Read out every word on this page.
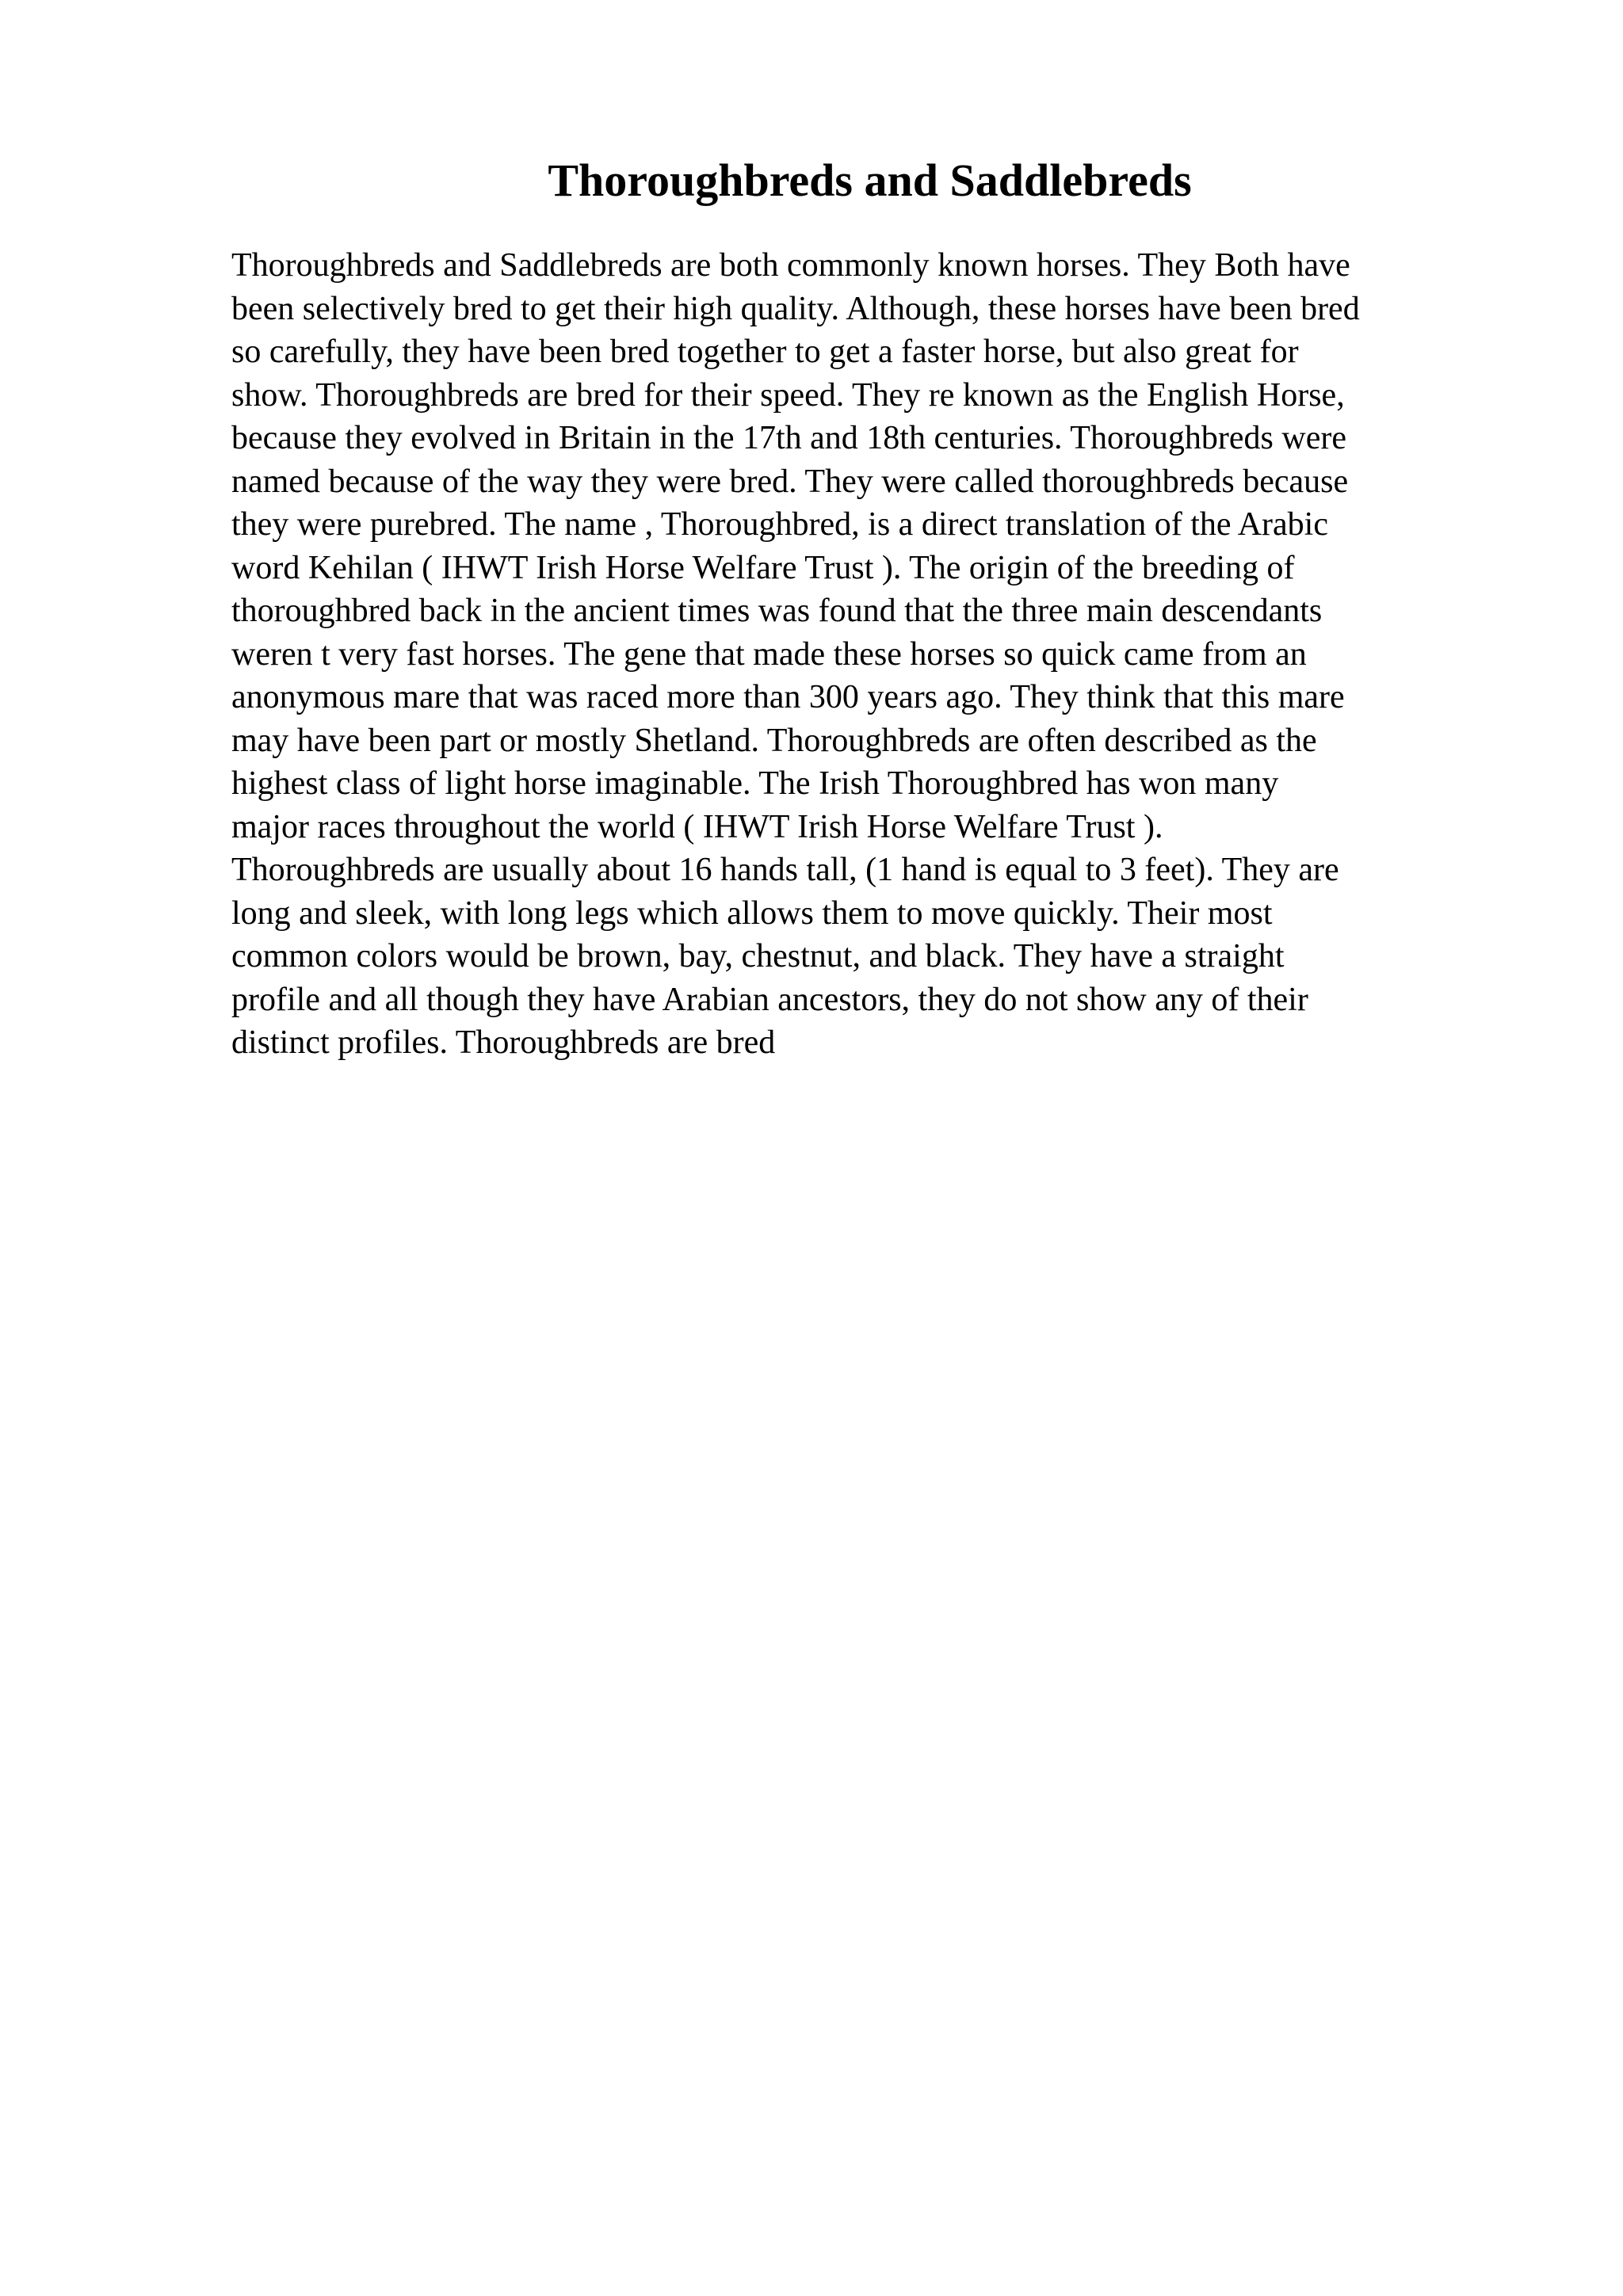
Thoroughbreds and Saddlebreds
Thoroughbreds and Saddlebreds are both commonly known horses. They Both have
been selectively bred to get their high quality. Although, these horses have been bred
so carefully, they have been bred together to get a faster horse, but also great for
show. Thoroughbreds are bred for their speed. They re known as the English Horse,
because they evolved in Britain in the 17th and 18th centuries. Thoroughbreds were
named because of the way they were bred. They were called thoroughbreds because
they were purebred. The name , Thoroughbred, is a direct translation of the Arabic
word Kehilan ( IHWT Irish Horse Welfare Trust ). The origin of the breeding of
thoroughbred back in the ancient times was found that the three main descendants
weren t very fast horses. The gene that made these horses so quick came from an
anonymous mare that was raced more than 300 years ago. They think that this mare
may have been part or mostly Shetland. Thoroughbreds are often described as the
highest class of light horse imaginable. The Irish Thoroughbred has won many
major races throughout the world ( IHWT Irish Horse Welfare Trust ).
Thoroughbreds are usually about 16 hands tall, (1 hand is equal to 3 feet). They are
long and sleek, with long legs which allows them to move quickly. Their most
common colors would be brown, bay, chestnut, and black. They have a straight
profile and all though they have Arabian ancestors, they do not show any of their
distinct profiles. Thoroughbreds are bred
